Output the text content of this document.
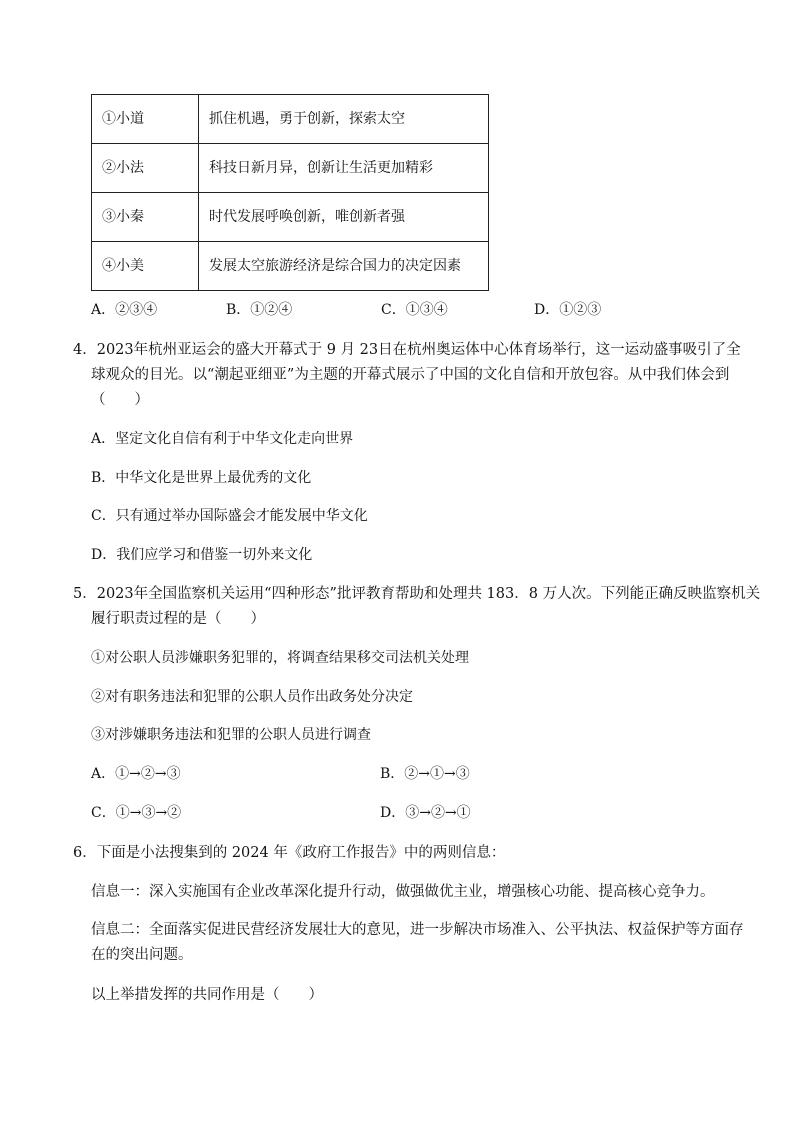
①小道	抓住机遇，勇于创新，探索太空
②小法	科技日新月异，创新让生活更加精彩
③小秦	时代发展呼唤创新，唯创新者强
④小美	发展太空旅游经济是综合国力的决定因素
A．②③④	B．①②④	C．①③④	D．①②③
4．2023年杭州亚运会的盛大开幕式于 9 月 23日在杭州奥运体中心体育场举行，这一运动盛事吸引了全
球观众的目光。以“潮起亚细亚”为主题的开幕式展示了中国的文化自信和开放包容。从中我们体会到
（　　）
A．坚定文化自信有利于中华文化走向世界
B．中华文化是世界上最优秀的文化
C．只有通过举办国际盛会才能发展中华文化
D．我们应学习和借鉴一切外来文化
5．2023年全国监察机关运用“四种形态”批评教育帮助和处理共 183．8 万人次。下列能正确反映监察机关
履行职责过程的是（　　）
①对公职人员涉嫌职务犯罪的，将调查结果移交司法机关处理
②对有职务违法和犯罪的公职人员作出政务处分决定
③对涉嫌职务违法和犯罪的公职人员进行调查
A．①→②→③	B．②→①→③
C．①→③→②	D．③→②→①
6．下面是小法搜集到的 2024 年《政府工作报告》中的两则信息：
信息一：深入实施国有企业改革深化提升行动，做强做优主业，增强核心功能、提高核心竞争力。
信息二：全面落实促进民营经济发展壮大的意见，进一步解决市场准入、公平执法、权益保护等方面存
在的突出问题。
以上举措发挥的共同作用是（　　）
